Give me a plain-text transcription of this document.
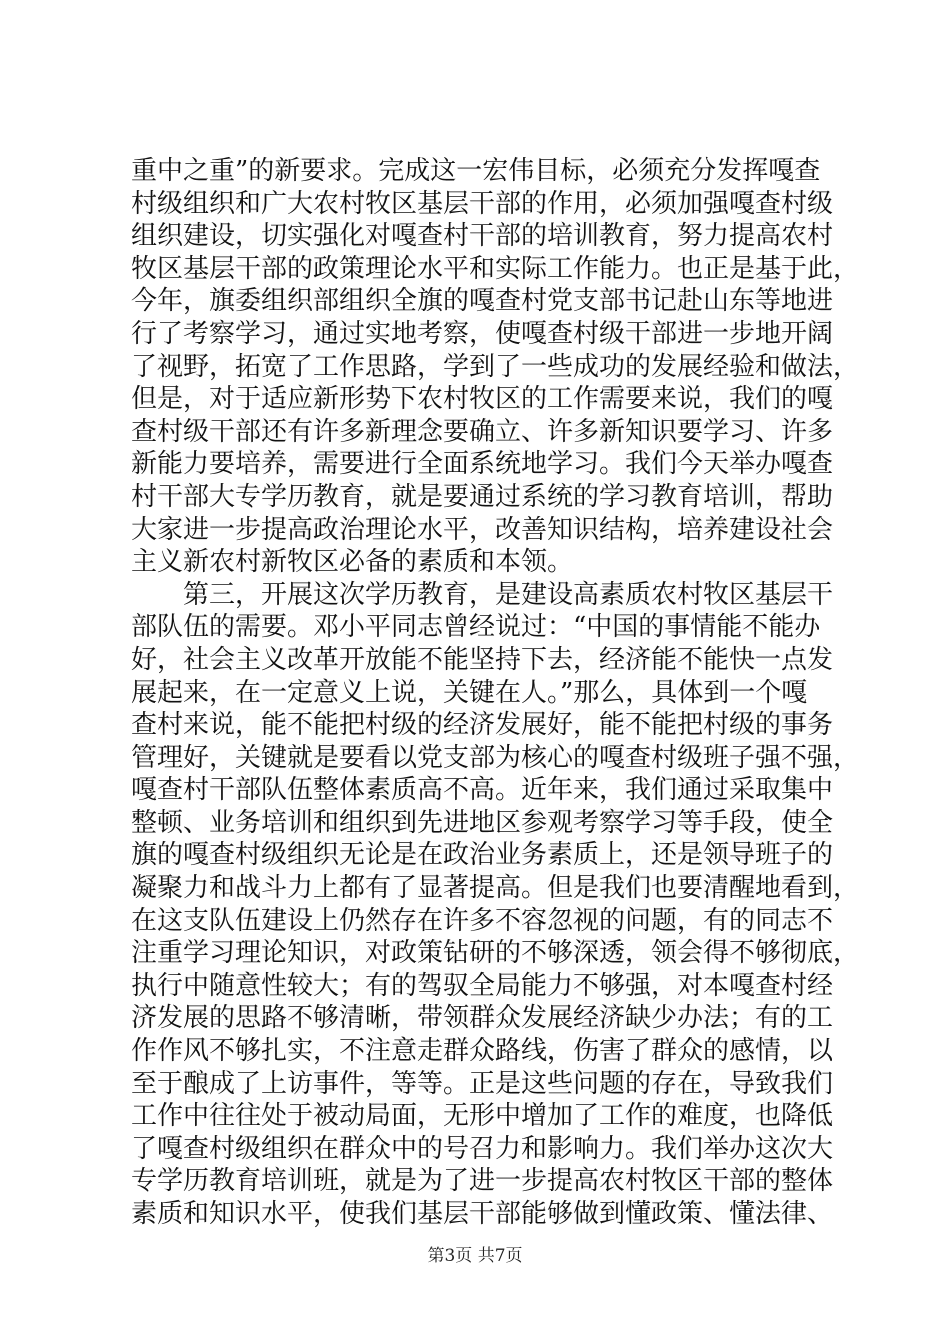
重中之重”的新要求。完成这一宏伟目标，必须充分发挥嘎查
村级组织和广大农村牧区基层干部的作用，必须加强嘎查村级
组织建设，切实强化对嘎查村干部的培训教育，努力提高农村
牧区基层干部的政策理论水平和实际工作能力。也正是基于此，
今年，旗委组织部组织全旗的嘎查村党支部书记赴山东等地进
行了考察学习，通过实地考察，使嘎查村级干部进一步地开阔
了视野，拓宽了工作思路，学到了一些成功的发展经验和做法，
但是，对于适应新形势下农村牧区的工作需要来说，我们的嘎
查村级干部还有许多新理念要确立、许多新知识要学习、许多
新能力要培养，需要进行全面系统地学习。我们今天举办嘎查
村干部大专学历教育，就是要通过系统的学习教育培训，帮助
大家进一步提高政治理论水平，改善知识结构，培养建设社会
主义新农村新牧区必备的素质和本领。
　　第三，开展这次学历教育，是建设高素质农村牧区基层干
部队伍的需要。邓小平同志曾经说过：“中国的事情能不能办
好，社会主义改革开放能不能坚持下去，经济能不能快一点发
展起来，在一定意义上说，关键在人。”那么，具体到一个嘎
查村来说，能不能把村级的经济发展好，能不能把村级的事务
管理好，关键就是要看以党支部为核心的嘎查村级班子强不强，
嘎查村干部队伍整体素质高不高。近年来，我们通过采取集中
整顿、业务培训和组织到先进地区参观考察学习等手段，使全
旗的嘎查村级组织无论是在政治业务素质上，还是领导班子的
凝聚力和战斗力上都有了显著提高。但是我们也要清醒地看到，
在这支队伍建设上仍然存在许多不容忽视的问题，有的同志不
注重学习理论知识，对政策钻研的不够深透，领会得不够彻底，
执行中随意性较大；有的驾驭全局能力不够强，对本嘎查村经
济发展的思路不够清晰，带领群众发展经济缺少办法；有的工
作作风不够扎实，不注意走群众路线，伤害了群众的感情，以
至于酿成了上访事件，等等。正是这些问题的存在，导致我们
工作中往往处于被动局面，无形中增加了工作的难度，也降低
了嘎查村级组织在群众中的号召力和影响力。我们举办这次大
专学历教育培训班，就是为了进一步提高农村牧区干部的整体
素质和知识水平，使我们基层干部能够做到懂政策、懂法律、
第3页 共7页
